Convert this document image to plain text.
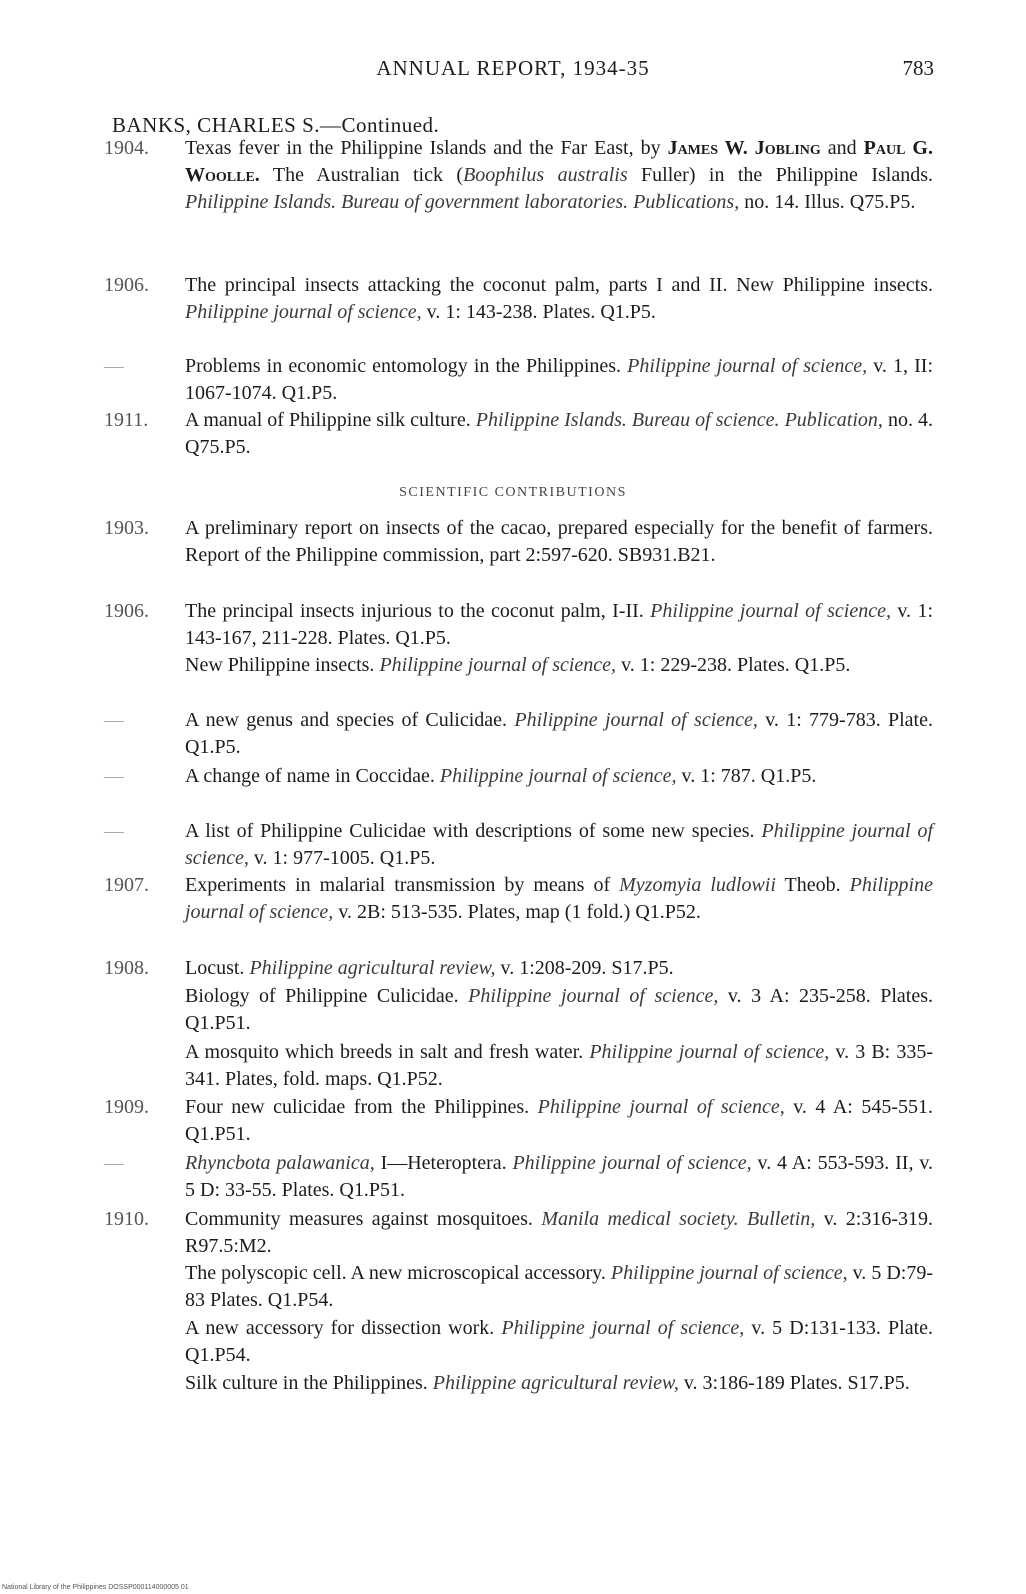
ANNUAL REPORT, 1934-35	783
BANKS, CHARLES S.—Continued.
1904.	Texas fever in the Philippine Islands and the Far East, by James W. Jobling and Paul G. Woolle. The Australian tick (Boophilus australis Fuller) in the Philippine Islands. Philippine Islands. Bureau of government laboratories. Publications, no. 14. Illus. Q75.P5.
1906.	The principal insects attacking the coconut palm, parts I and II. New Philippine insects. Philippine journal of science, v. 1: 143-238. Plates. Q1.P5.
—	Problems in economic entomology in the Philippines. Philippine journal of science, v. 1, II: 1067-1074. Q1.P5.
1911.	A manual of Philippine silk culture. Philippine Islands. Bureau of science. Publication, no. 4. Q75.P5.
SCIENTIFIC CONTRIBUTIONS
1903.	A preliminary report on insects of the cacao, prepared especially for the benefit of farmers. Report of the Philippine commission, part 2:597-620. SB931.B21.
1906.	The principal insects injurious to the coconut palm, I-II. Philippine journal of science, v. 1: 143-167, 211-228. Plates. Q1.P5.
New Philippine insects. Philippine journal of science, v. 1: 229-238. Plates. Q1.P5.
—	A new genus and species of Culicidae. Philippine journal of science, v. 1: 779-783. Plate. Q1.P5.
—	A change of name in Coccidae. Philippine journal of science, v. 1: 787. Q1.P5.
—	A list of Philippine Culicidae with descriptions of some new species. Philippine journal of science, v. 1: 977-1005. Q1.P5.
1907.	Experiments in malarial transmission by means of Myzomyia ludlowii Theob. Philippine journal of science, v. 2B: 513-535. Plates, map (1 fold.) Q1.P52.
1908.	Locust. Philippine agricultural review, v. 1:208-209. S17.P5.
Biology of Philippine Culicidae. Philippine journal of science, v. 3 A: 235-258. Plates. Q1.P51.
A mosquito which breeds in salt and fresh water. Philippine journal of science, v. 3 B: 335-341. Plates, fold. maps. Q1.P52.
1909.	Four new culicidae from the Philippines. Philippine journal of science, v. 4 A: 545-551. Q1.P51.
—	Rhyncbota palawanica, I—Heteroptera. Philippine journal of science, v. 4 A: 553-593. II, v. 5 D: 33-55. Plates. Q1.P51.
1910.	Community measures against mosquitoes. Manila medical society. Bulletin, v. 2:316-319. R97.5:M2.
The polyscopic cell. A new microscopical accessory. Philippine journal of science, v. 5 D:79-83 Plates. Q1.P54.
A new accessory for dissection work. Philippine journal of science, v. 5 D:131-133. Plate. Q1.P54.
Silk culture in the Philippines. Philippine agricultural review, v. 3:186-189 Plates. S17.P5.
National Library of the Philippines DOSSP000114000005 01
